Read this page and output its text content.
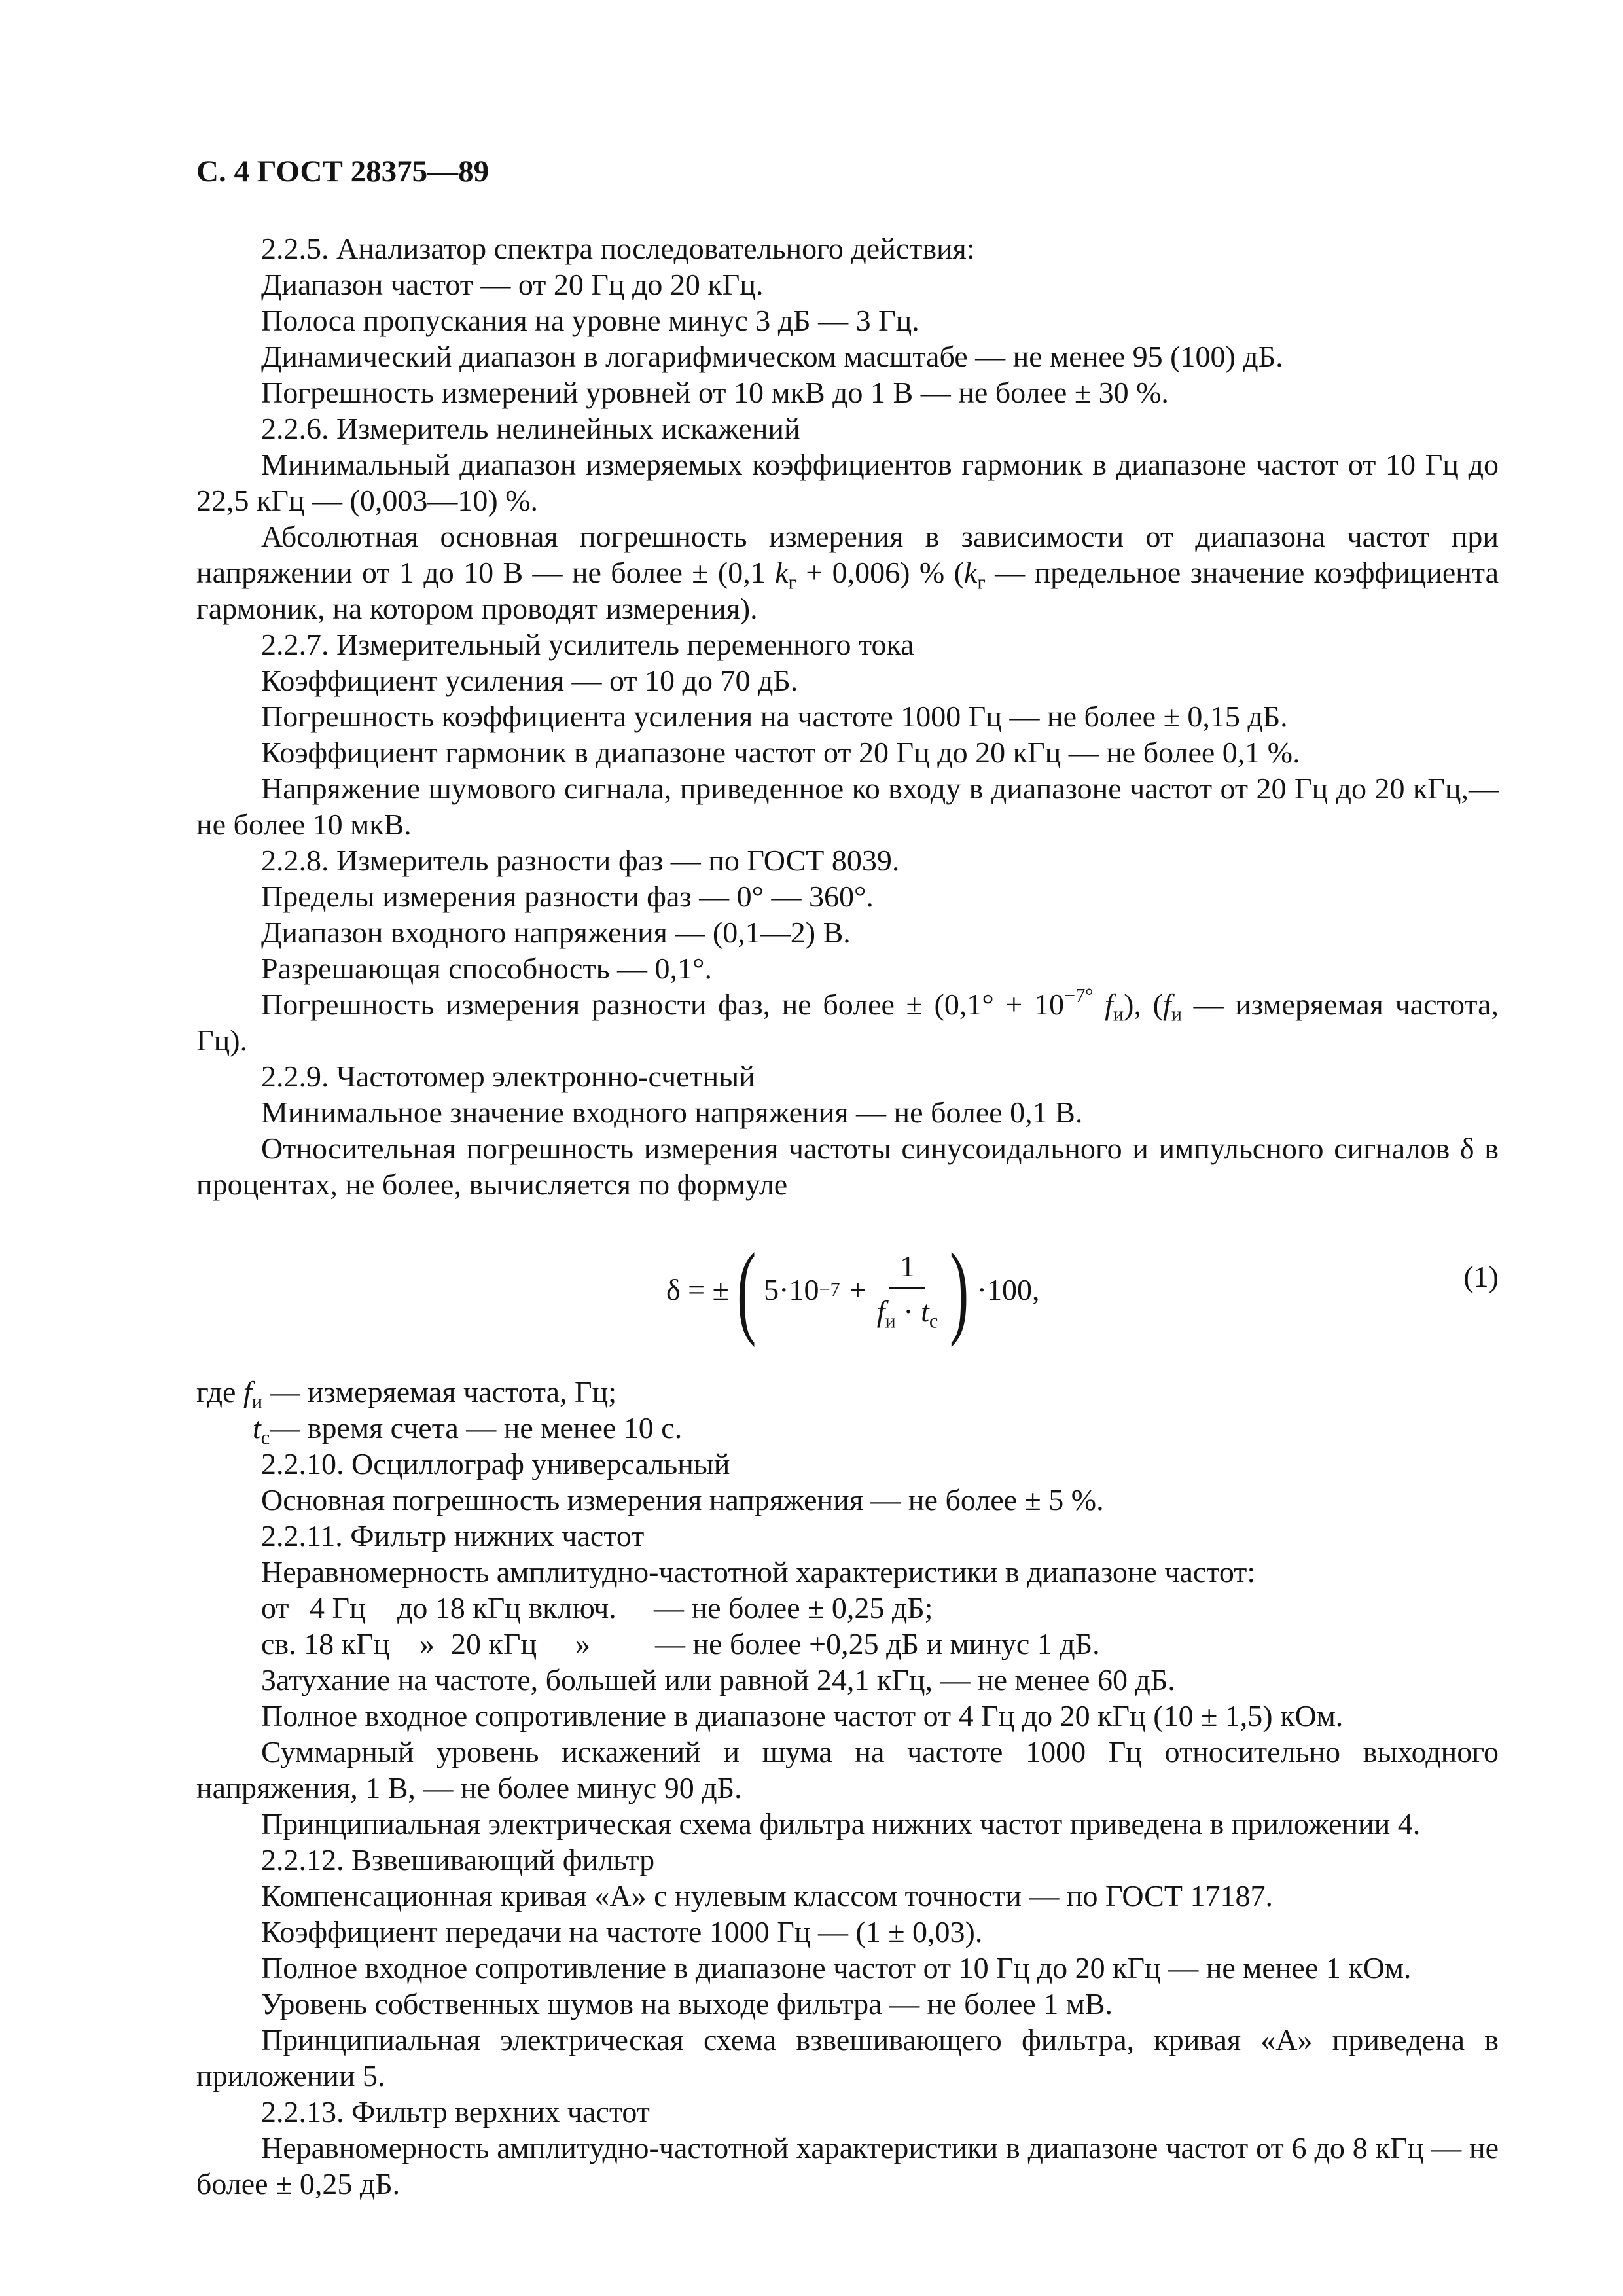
С. 4 ГОСТ 28375—89
2.2.5. Анализатор спектра последовательного действия:
Диапазон частот — от 20 Гц до 20 кГц.
Полоса пропускания на уровне минус 3 дБ — 3 Гц.
Динамический диапазон в логарифмическом масштабе — не менее 95 (100) дБ.
Погрешность измерений уровней от 10 мкВ до 1 В — не более ± 30 %.
2.2.6. Измеритель нелинейных искажений
Минимальный диапазон измеряемых коэффициентов гармоник в диапазоне частот от 10 Гц до 22,5 кГц — (0,003—10) %.
Абсолютная основная погрешность измерения в зависимости от диапазона частот при напряжении от 1 до 10 В — не более ± (0,1 $k_г + 0,006$) % ($k_г$ — предельное значение коэффициента гармоник, на котором проводят измерения).
2.2.7. Измерительный усилитель переменного тока
Коэффициент усиления — от 10 до 70 дБ.
Погрешность коэффициента усиления на частоте 1000 Гц — не более ± 0,15 дБ.
Коэффициент гармоник в диапазоне частот от 20 Гц до 20 кГц — не более 0,1 %.
Напряжение шумового сигнала, приведенное ко входу в диапазоне частот от 20 Гц до 20 кГц,— не более 10 мкВ.
2.2.8. Измеритель разности фаз — по ГОСТ 8039.
Пределы измерения разности фаз — 0° — 360°.
Диапазон входного напряжения — (0,1—2) В.
Разрешающая способность — 0,1°.
Погрешность измерения разности фаз, не более ± ($0,1^\circ + 10^{-7^\circ}$ $f_и$), ($f_и$ — измеряемая частота, Гц).
2.2.9. Частотомер электронно-счетный
Минимальное значение входного напряжения — не более 0,1 В.
Относительная погрешность измерения частоты синусоидального и импульсного сигналов δ в процентах, не более, вычисляется по формуле
δ = ± ( $5\cdot 10 -7 + \frac{1}{f_и \cdot t_с}$ ) ·100,	(1)
где $f_и$ — измеряемая частота, Гц;
$t_с—$ время счета — не менее 10 с.
2.2.10. Осциллограф универсальный
Основная погрешность измерения напряжения — не более ± 5 %.
2.2.11. Фильтр нижних частот
Неравномерность амплитудно-частотной характеристики в диапазоне частот:
от 4 Гц до 18 кГц включ. — не более ± 0,25 дБ;
св. 18 кГц » 20 кГц » — не более +0,25 дБ и минус 1 дБ.
Затухание на частоте, большей или равной 24,1 кГц, — не менее 60 дБ.
Полное входное сопротивление в диапазоне частот от 4 Гц до 20 кГц (10 ± 1,5) кОм.
Суммарный уровень искажений и шума на частоте 1000 Гц относительно выходного напряжения, 1 В, — не более минус 90 дБ.
Принципиальная электрическая схема фильтра нижних частот приведена в приложении 4.
2.2.12. Взвешивающий фильтр
Компенсационная кривая «А» с нулевым классом точности — по ГОСТ 17187.
Коэффициент передачи на частоте 1000 Гц — (1 ± 0,03).
Полное входное сопротивление в диапазоне частот от 10 Гц до 20 кГц — не менее 1 кОм.
Уровень собственных шумов на выходе фильтра — не более 1 мВ.
Принципиальная электрическая схема взвешивающего фильтра, кривая «А» приведена в приложении 5.
2.2.13. Фильтр верхних частот
Неравномерность амплитудно-частотной характеристики в диапазоне частот от 6 до 8 кГц — не более ± 0,25 дБ.
